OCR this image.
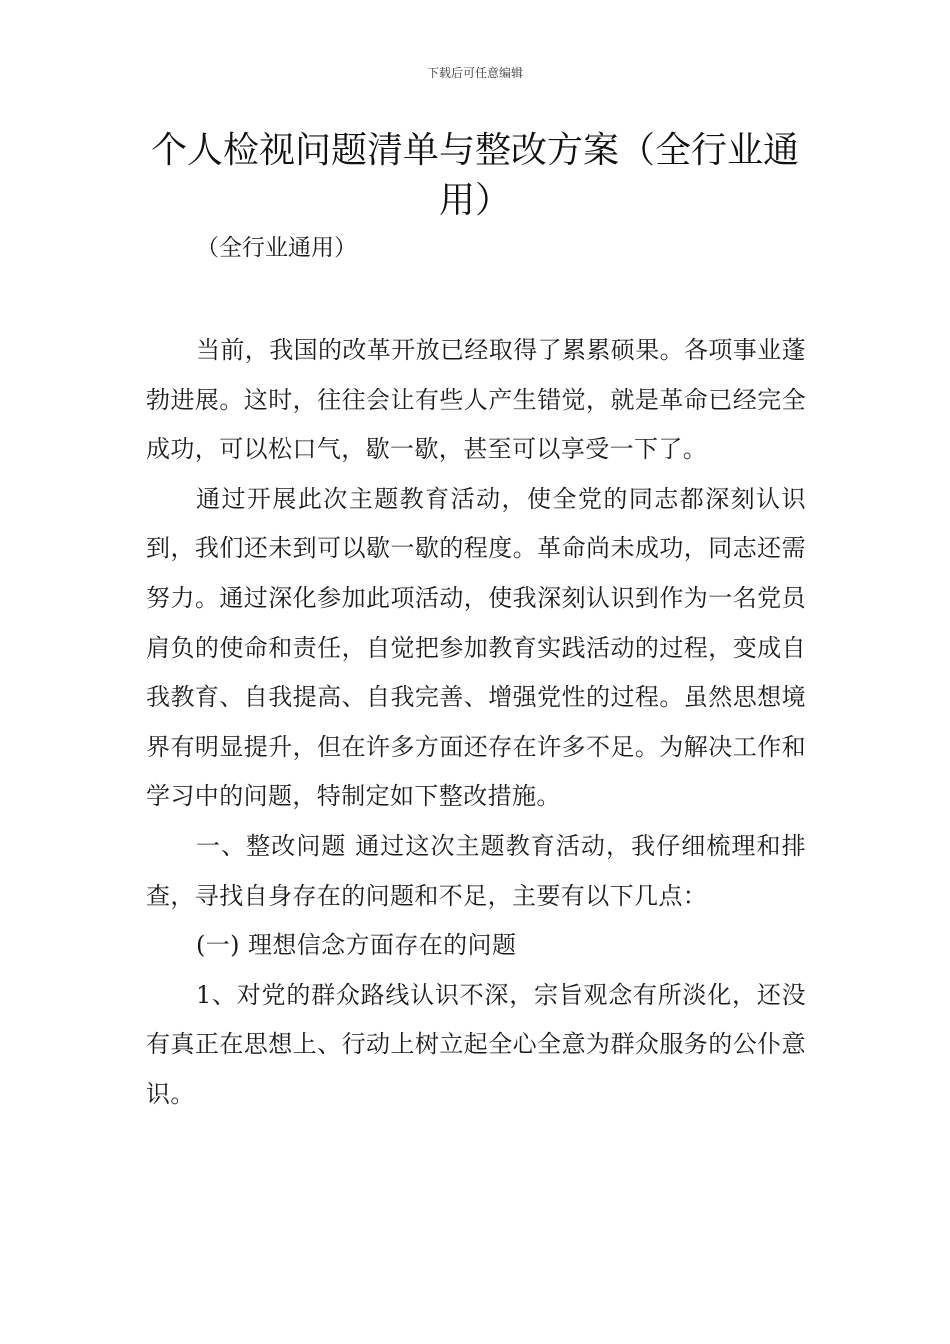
下载后可任意编辑
个人检视问题清单与整改方案（全行业通用）

（全行业通用）

当前，我国的改革开放已经取得了累累硕果。各项事业蓬勃进展。这时，往往会让有些人产生错觉，就是革命已经完全成功，可以松口气，歇一歇，甚至可以享受一下了。

通过开展此次主题教育活动，使全党的同志都深刻认识到，我们还未到可以歇一歇的程度。革命尚未成功，同志还需努力。通过深化参加此项活动，使我深刻认识到作为一名党员肩负的使命和责任，自觉把参加教育实践活动的过程，变成自我教育、自我提高、自我完善、增强党性的过程。虽然思想境界有明显提升，但在许多方面还存在许多不足。为解决工作和学习中的问题，特制定如下整改措施。

一、整改问题 通过这次主题教育活动，我仔细梳理和排查，寻找自身存在的问题和不足，主要有以下几点：

(一) 理想信念方面存在的问题

1、对党的群众路线认识不深，宗旨观念有所淡化，还没有真正在思想上、行动上树立起全心全意为群众服务的公仆意识。
